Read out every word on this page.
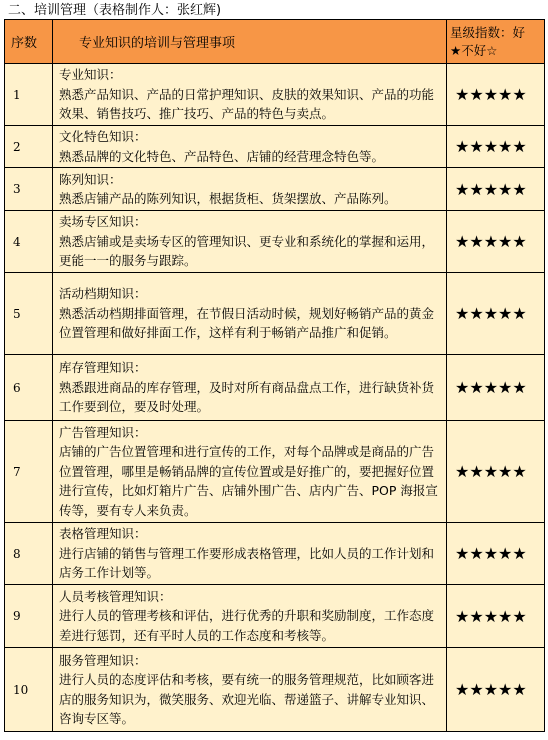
二、培训管理（表格制作人：张红辉)
序数	专业知识的培训与管理事项	星级指数：好
★不好☆

1	专业知识：
熟悉产品知识、产品的日常护理知识、皮肤的效果知识、产品的功能效果、销售技巧、推广技巧、产品的特色与卖点。	★★★★★
2	文化特色知识：
熟悉品牌的文化特色、产品特色、店铺的经营理念特色等。	★★★★★
3	陈列知识：
熟悉店铺产品的陈列知识，根据货柜、货架摆放、产品陈列。	★★★★★
4	卖场专区知识：
熟悉店铺或是卖场专区的管理知识、更专业和系统化的掌握和运用，更能一一的服务与跟踪。	★★★★★
5	活动档期知识：
熟悉活动档期排面管理，在节假日活动时候，规划好畅销产品的黄金位置管理和做好排面工作，这样有利于畅销产品推广和促销。	★★★★★
6	库存管理知识：
熟悉跟进商品的库存管理，及时对所有商品盘点工作，进行缺货补货工作要到位，要及时处理。	★★★★★
7	广告管理知识：
店铺的广告位置管理和进行宣传的工作，对每个品牌或是商品的广告位置管理，哪里是畅销品牌的宣传位置或是好推广的，要把握好位置进行宣传，比如灯箱片广告、店铺外围广告、店内广告、POP 海报宣传等，要有专人来负责。	★★★★★
8	表格管理知识：
进行店铺的销售与管理工作要形成表格管理，比如人员的工作计划和店务工作计划等。	★★★★★
9	人员考核管理知识：
进行人员的管理考核和评估，进行优秀的升职和奖励制度，工作态度差进行惩罚，还有平时人员的工作态度和考核等。	★★★★★
10	服务管理知识：
进行人员的态度评估和考核，要有统一的服务管理规范，比如顾客进店的服务知识为，微笑服务、欢迎光临、帮递篮子、讲解专业知识、咨询专区等。	★★★★★
